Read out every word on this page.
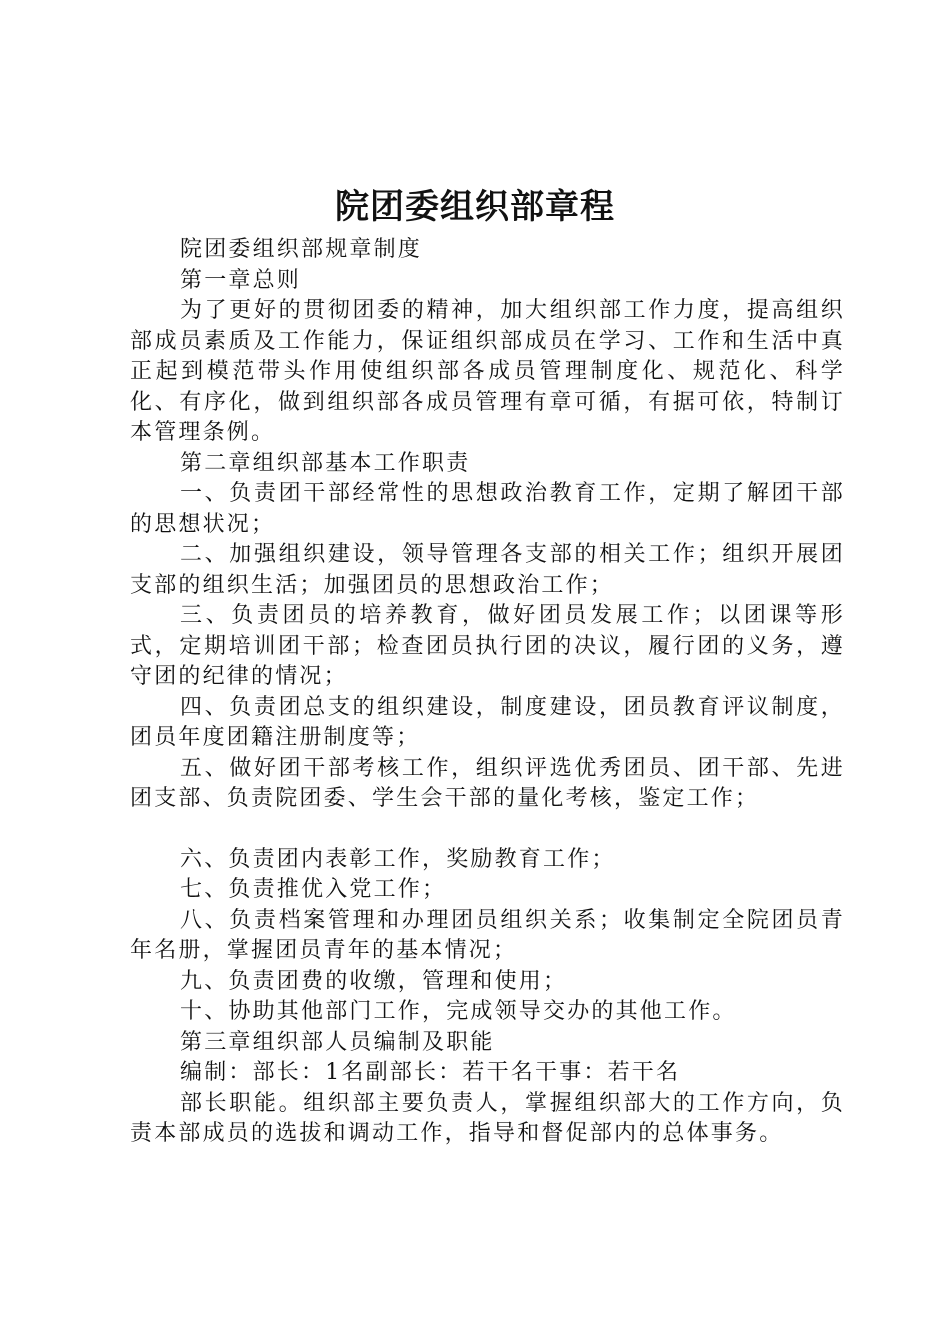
院团委组织部章程

院团委组织部规章制度

第一章总则

为了更好的贯彻团委的精神，加大组织部工作力度，提高组织部成员素质及工作能力，保证组织部成员在学习、工作和生活中真正起到模范带头作用使组织部各成员管理制度化、规范化、科学化、有序化，做到组织部各成员管理有章可循，有据可依，特制订本管理条例。

第二章组织部基本工作职责

一、负责团干部经常性的思想政治教育工作，定期了解团干部的思想状况；

二、加强组织建设，领导管理各支部的相关工作；组织开展团支部的组织生活；加强团员的思想政治工作；

三、负责团员的培养教育，做好团员发展工作；以团课等形式，定期培训团干部；检查团员执行团的决议，履行团的义务，遵守团的纪律的情况；

四、负责团总支的组织建设，制度建设，团员教育评议制度，团员年度团籍注册制度等；

五、做好团干部考核工作，组织评选优秀团员、团干部、先进团支部、负责院团委、学生会干部的量化考核，鉴定工作；

六、负责团内表彰工作，奖励教育工作；

七、负责推优入党工作；

八、负责档案管理和办理团员组织关系；收集制定全院团员青年名册，掌握团员青年的基本情况；

九、负责团费的收缴，管理和使用；

十、协助其他部门工作，完成领导交办的其他工作。

第三章组织部人员编制及职能

编制：部长：1名副部长：若干名干事：若干名

部长职能。组织部主要负责人，掌握组织部大的工作方向，负责本部成员的选拔和调动工作，指导和督促部内的总体事务。
